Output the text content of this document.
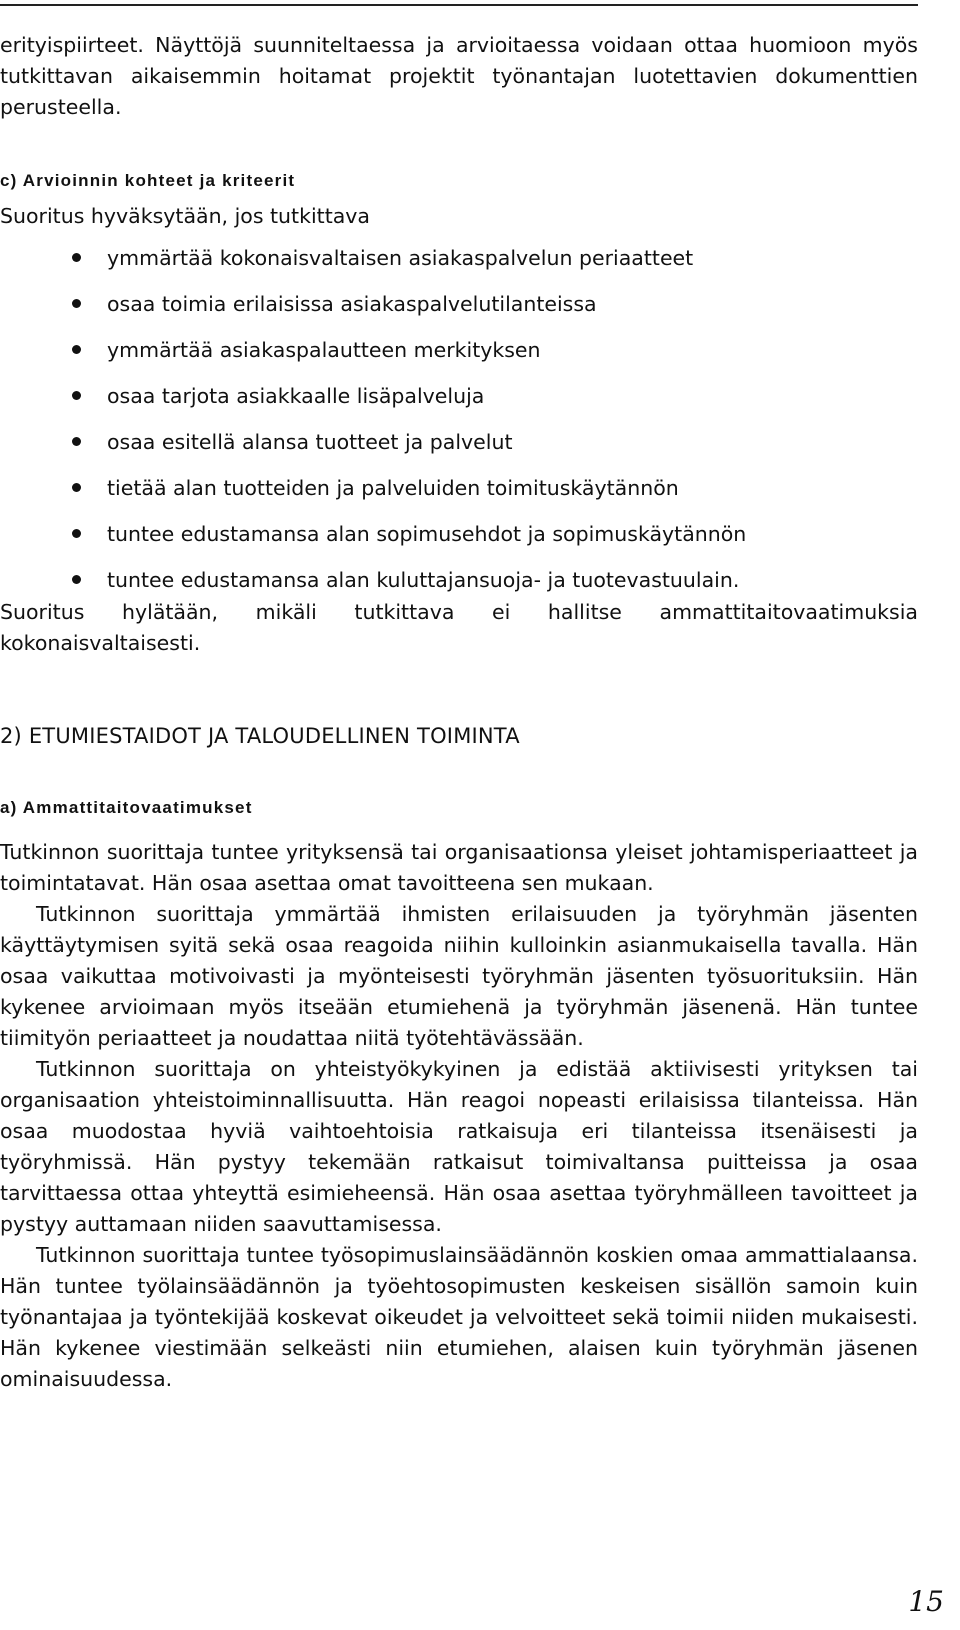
erityispiirteet. Näyttöjä suunniteltaessa ja arvioitaessa voidaan ottaa huomioon myös tutkittavan aikaisemmin hoitamat projektit työnantajan luotettavien dokumenttien perusteella.

c) Arvioinnin kohteet ja kriteerit

Suoritus hyväksytään, jos tutkittava

ymmärtää kokonaisvaltaisen asiakaspalvelun periaatteet
osaa toimia erilaisissa asiakaspalvelutilanteissa
ymmärtää asiakaspalautteen merkityksen
osaa tarjota asiakkaalle lisäpalveluja
osaa esitellä alansa tuotteet ja palvelut
tietää alan tuotteiden ja palveluiden toimituskäytännön
tuntee edustamansa alan sopimusehdot ja sopimuskäytännön
tuntee edustamansa alan kuluttajansuoja- ja tuotevastuulain.

Suoritus hylätään, mikäli tutkittava ei hallitse ammattitaitovaatimuksia kokonaisvaltaisesti.

2) ETUMIESTAIDOT JA TALOUDELLINEN TOIMINTA

a) Ammattitaitovaatimukset

Tutkinnon suorittaja tuntee yrityksensä tai organisaationsa yleiset johtamisperiaatteet ja toimintatavat. Hän osaa asettaa omat tavoitteena sen mukaan.

Tutkinnon suorittaja ymmärtää ihmisten erilaisuuden ja työryhmän jäsenten käyttäytymisen syitä sekä osaa reagoida niihin kulloinkin asianmukaisella tavalla. Hän osaa vaikuttaa motivoivasti ja myönteisesti työryhmän jäsenten työsuorituksiin. Hän kykenee arvioimaan myös itseään etumiehenä ja työryhmän jäsenenä. Hän tuntee tiimityön periaatteet ja noudattaa niitä työtehtävässään.

Tutkinnon suorittaja on yhteistyökykyinen ja edistää aktiivisesti yrityksen tai organisaation yhteistoiminnallisuutta. Hän reagoi nopeasti erilaisissa tilanteissa. Hän osaa muodostaa hyviä vaihtoehtoisia ratkaisuja eri tilanteissa itsenäisesti ja työryhmissä. Hän pystyy tekemään ratkaisut toimivaltansa puitteissa ja osaa tarvittaessa ottaa yhteyttä esimieheensä. Hän osaa asettaa työryhmälleen tavoitteet ja pystyy auttamaan niiden saavuttamisessa.

Tutkinnon suorittaja tuntee työsopimuslainsäädännön koskien omaa ammattialaansa. Hän tuntee työlainsäädännön ja työehtosopimusten keskeisen sisällön samoin kuin työnantajaa ja työntekijää koskevat oikeudet ja velvoitteet sekä toimii niiden mukaisesti. Hän kykenee viestimään selkeästi niin etumiehen, alaisen kuin työryhmän jäsenen ominaisuudessa.

15
